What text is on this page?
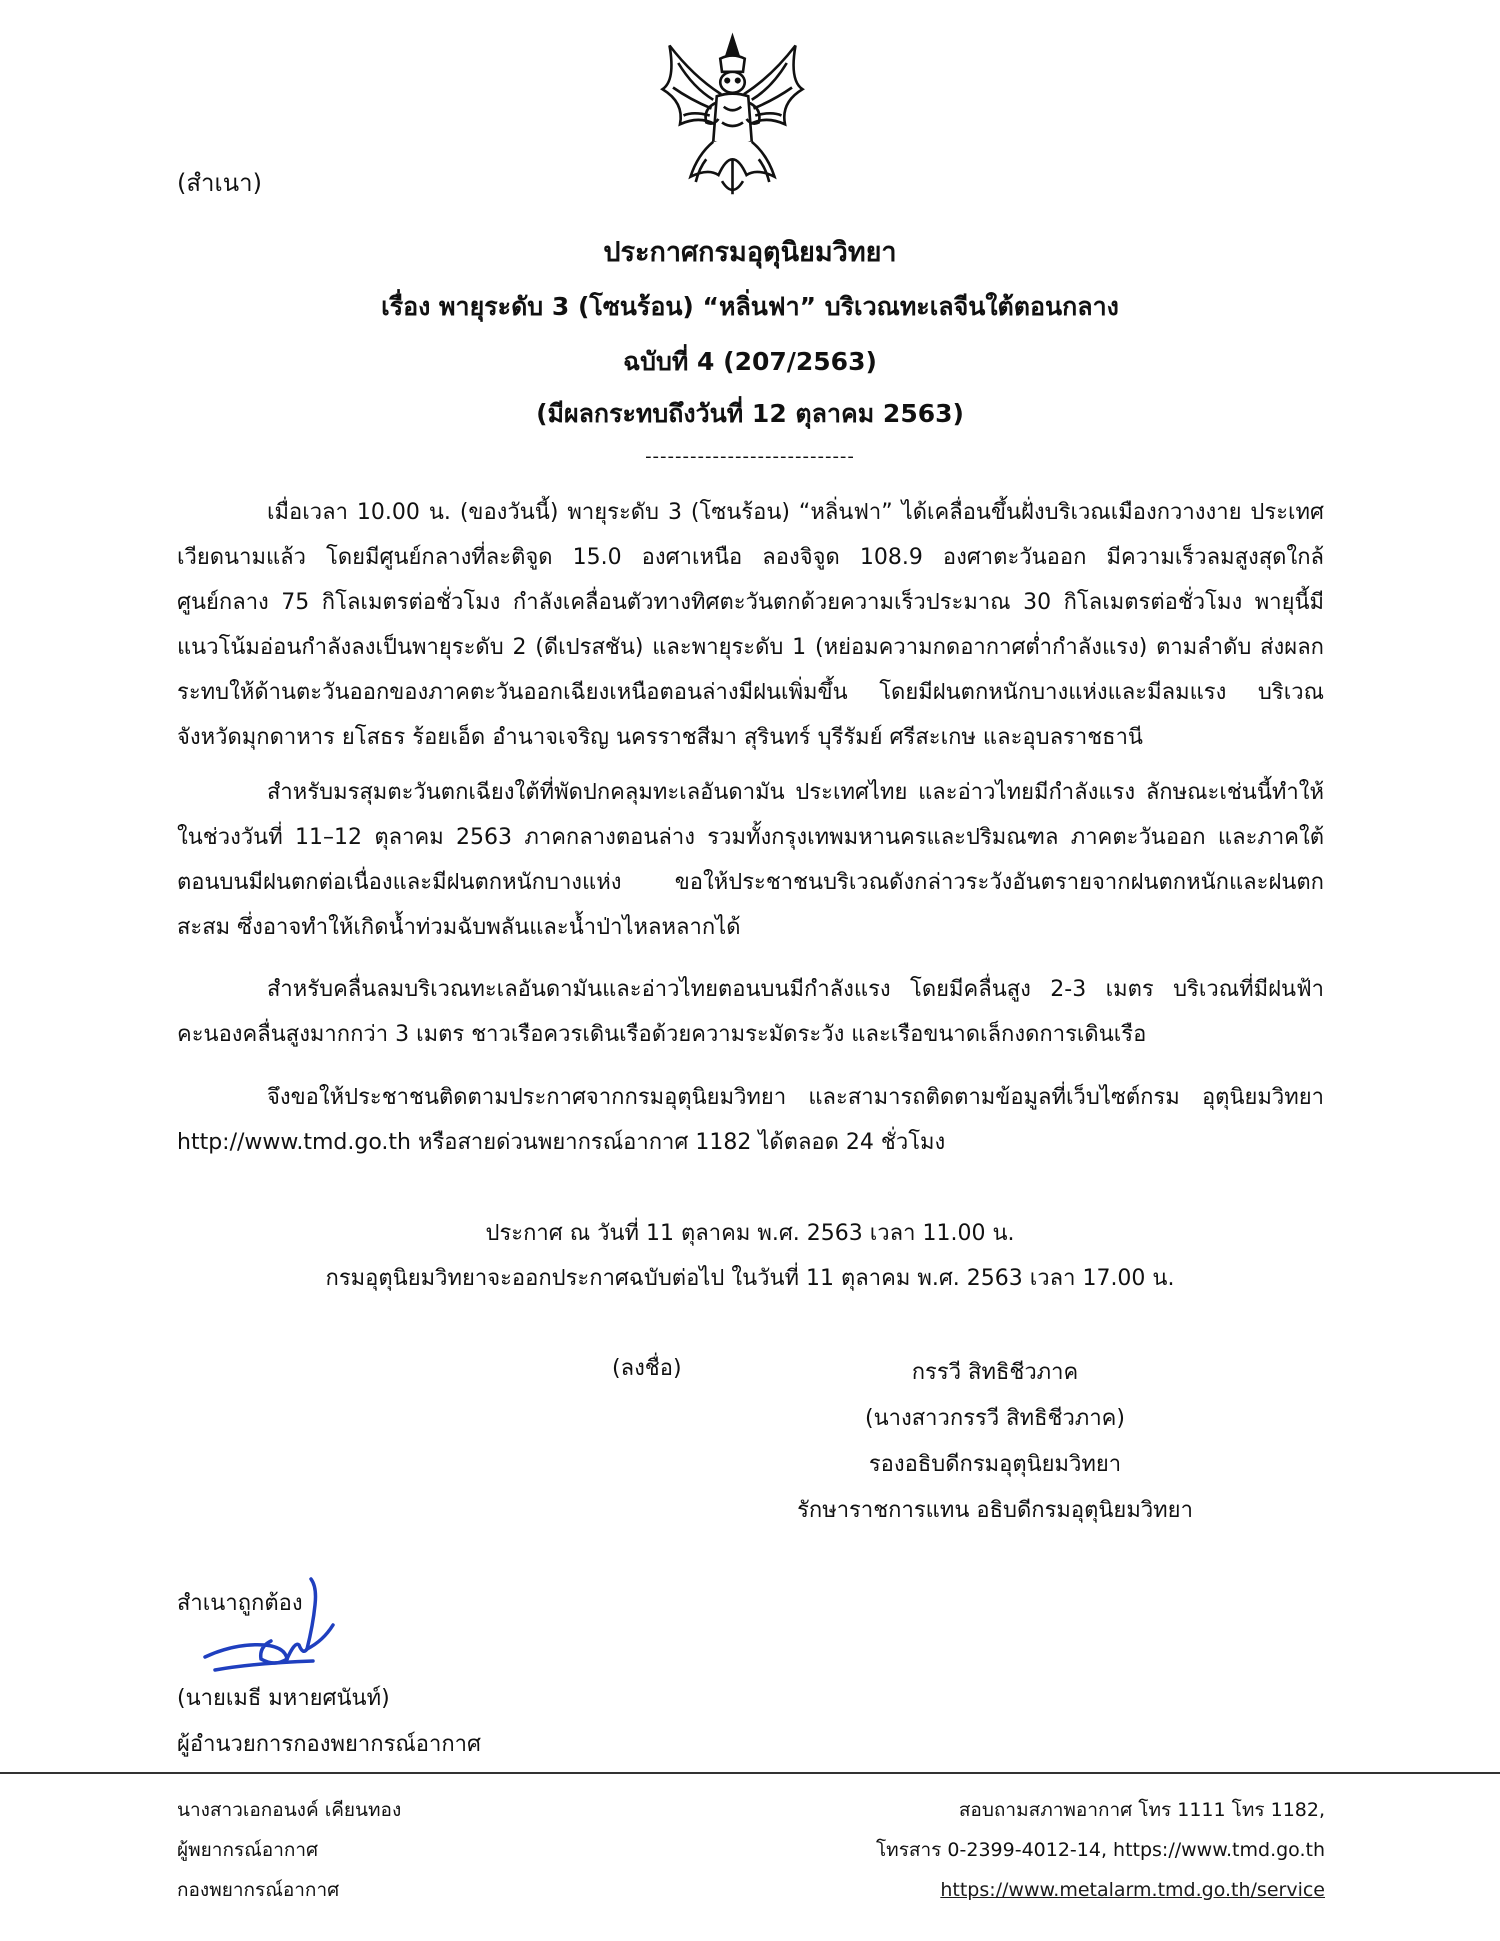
(สำเนา)
ประกาศกรมอุตุนิยมวิทยา
เรื่อง พายุระดับ 3 (โซนร้อน) “หลิ่นฟา” บริเวณทะเลจีนใต้ตอนกลาง
ฉบับที่ 4 (207/2563)
(มีผลกระทบถึงวันที่ 12 ตุลาคม 2563)
----------------------------

เมื่อเวลา 10.00 น. (ของวันนี้) พายุระดับ 3 (โซนร้อน) “หลิ่นฟา” ได้เคลื่อนขึ้นฝั่งบริเวณเมืองกวางงาย ประเทศเวียดนามแล้ว โดยมีศูนย์กลางที่ละติจูด 15.0 องศาเหนือ ลองจิจูด 108.9 องศาตะวันออก มีความเร็วลมสูงสุดใกล้ศูนย์กลาง 75 กิโลเมตรต่อชั่วโมง กำลังเคลื่อนตัวทางทิศตะวันตกด้วยความเร็วประมาณ 30 กิโลเมตรต่อชั่วโมง พายุนี้มีแนวโน้มอ่อนกำลังลงเป็นพายุระดับ 2 (ดีเปรสชัน) และพายุระดับ 1 (หย่อมความกดอากาศต่ำกำลังแรง) ตามลำดับ ส่งผลกระทบให้ด้านตะวันออกของภาคตะวันออกเฉียงเหนือตอนล่างมีฝนเพิ่มขึ้น โดยมีฝนตกหนักบางแห่งและมีลมแรง บริเวณจังหวัดมุกดาหาร ยโสธร ร้อยเอ็ด อำนาจเจริญ นครราชสีมา สุรินทร์ บุรีรัมย์ ศรีสะเกษ และอุบลราชธานี

สำหรับมรสุมตะวันตกเฉียงใต้ที่พัดปกคลุมทะเลอันดามัน ประเทศไทย และอ่าวไทยมีกำลังแรง ลักษณะเช่นนี้ทำให้ในช่วงวันที่ 11–12 ตุลาคม 2563 ภาคกลางตอนล่าง รวมทั้งกรุงเทพมหานครและปริมณฑล ภาคตะวันออก และภาคใต้ตอนบนมีฝนตกต่อเนื่องและมีฝนตกหนักบางแห่ง ขอให้ประชาชนบริเวณดังกล่าวระวังอันตรายจากฝนตกหนักและฝนตกสะสม ซึ่งอาจทำให้เกิดน้ำท่วมฉับพลันและน้ำป่าไหลหลากได้

สำหรับคลื่นลมบริเวณทะเลอันดามันและอ่าวไทยตอนบนมีกำลังแรง โดยมีคลื่นสูง 2-3 เมตร บริเวณที่มีฝนฟ้าคะนองคลื่นสูงมากกว่า 3 เมตร ชาวเรือควรเดินเรือด้วยความระมัดระวัง และเรือขนาดเล็กงดการเดินเรือ

จึงขอให้ประชาชนติดตามประกาศจากกรมอุตุนิยมวิทยา และสามารถติดตามข้อมูลที่เว็บไซต์กรม อุตุนิยมวิทยา http://www.tmd.go.th หรือสายด่วนพยากรณ์อากาศ 1182 ได้ตลอด 24 ชั่วโมง

ประกาศ ณ วันที่ 11 ตุลาคม พ.ศ. 2563 เวลา 11.00 น.
กรมอุตุนิยมวิทยาจะออกประกาศฉบับต่อไป ในวันที่ 11 ตุลาคม พ.ศ. 2563 เวลา 17.00 น.
(ลงชื่อ)	กรรวี สิทธิชีวภาค
(นางสาวกรรวี สิทธิชีวภาค)
รองอธิบดีกรมอุตุนิยมวิทยา
รักษาราชการแทน อธิบดีกรมอุตุนิยมวิทยา
สำเนาถูกต้อง
(นายเมธี มหายศนันท์)
ผู้อำนวยการกองพยากรณ์อากาศ
นางสาวเอกอนงค์ เคียนทอง
ผู้พยากรณ์อากาศ
กองพยากรณ์อากาศ
สอบถามสภาพอากาศ โทร 1111 โทร 1182,
โทรสาร 0-2399-4012-14, https://www.tmd.go.th
https://www.metalarm.tmd.go.th/service
